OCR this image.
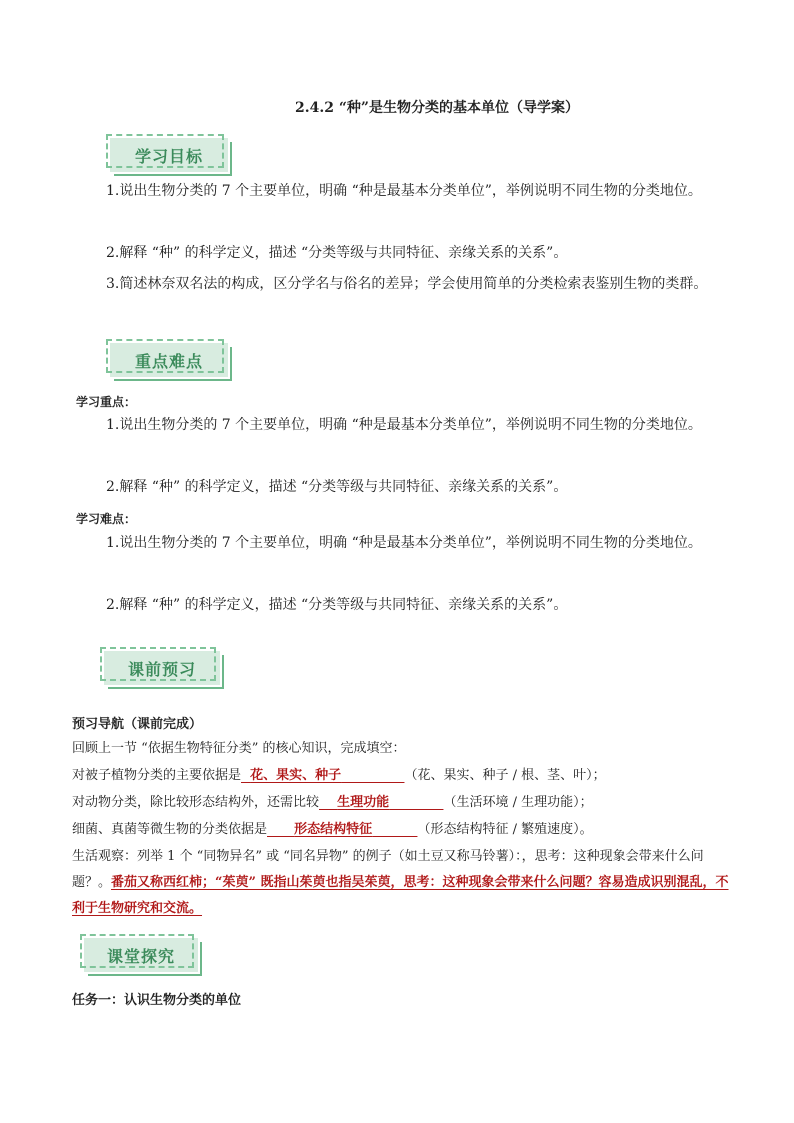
2.4.2 “种”是生物分类的基本单位（导学案）
学习目标
1.说出生物分类的 7 个主要单位，明确 “种是最基本分类单位”，举例说明不同生物的分类地位。
2.解释 “种” 的科学定义，描述 “分类等级与共同特征、亲缘关系的关系”。
3.简述林奈双名法的构成，区分学名与俗名的差异；学会使用简单的分类检索表鉴别生物的类群。
重点难点
学习重点：
1.说出生物分类的 7 个主要单位，明确 “种是最基本分类单位”，举例说明不同生物的分类地位。
2.解释 “种” 的科学定义，描述 “分类等级与共同特征、亲缘关系的关系”。
学习难点：
1.说出生物分类的 7 个主要单位，明确 “种是最基本分类单位”，举例说明不同生物的分类地位。
2.解释 “种” 的科学定义，描述 “分类等级与共同特征、亲缘关系的关系”。
课前预习
预习导航（课前完成）
回顾上一节 “依据生物特征分类” 的核心知识，完成填空：
对被子植物分类的主要依据是 花、果实、种子	（花、果实、种子 / 根、茎、叶）；
对动物分类，除比较形态结构外，还需比较 生理功能	（生活环境 / 生理功能）；
细菌、真菌等微生物的分类依据是 形态结构特征	（形态结构特征 / 繁殖速度）。
生活观察：列举 1 个 “同物异名” 或 “同名异物” 的例子（如土豆又称马铃薯）：，思考：这种现象会带来什么问题？。番茄又称西红柿；“茱萸” 既指山茱萸也指吴茱萸，思考：这种现象会带来什么问题？容易造成识别混乱，不利于生物研究和交流。
课堂探究
任务一：认识生物分类的单位
